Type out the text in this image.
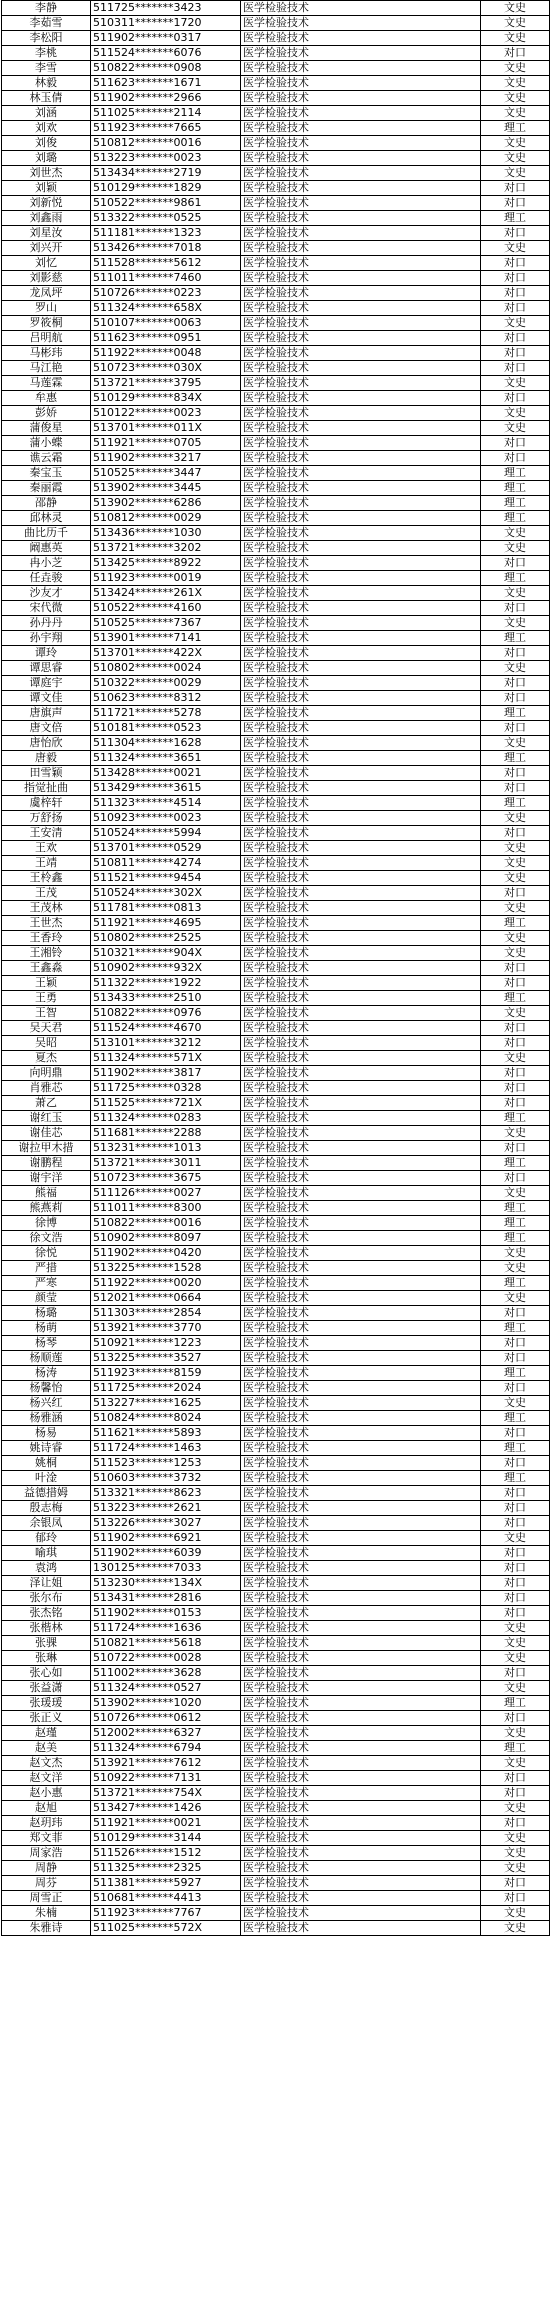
李静	511725*******3423	医学检验技术	文史
李茹雪	510311*******1720	医学检验技术	文史
李松阳	511902*******0317	医学检验技术	文史
李桃	511524*******6076	医学检验技术	对口
李雪	510822*******0908	医学检验技术	文史
林毅	511623*******1671	医学检验技术	文史
林玉倩	511902*******2966	医学检验技术	文史
刘涵	511025*******2114	医学检验技术	文史
刘欢	511923*******7665	医学检验技术	理工
刘俊	510812*******0016	医学检验技术	文史
刘璐	513223*******0023	医学检验技术	文史
刘世杰	513434*******2719	医学检验技术	文史
刘颖	510129*******1829	医学检验技术	对口
刘新悦	510522*******9861	医学检验技术	对口
刘鑫雨	513322*******0525	医学检验技术	理工
刘星汝	511181*******1323	医学检验技术	对口
刘兴开	513426*******7018	医学检验技术	文史
刘忆	511528*******5612	医学检验技术	对口
刘影慈	511011*******7460	医学检验技术	对口
龙凤坪	510726*******0223	医学检验技术	对口
罗山	511324*******658X	医学检验技术	对口
罗筱桐	510107*******0063	医学检验技术	文史
吕明航	511623*******0951	医学检验技术	对口
马彬玮	511922*******0048	医学检验技术	对口
马江艳	510723*******030X	医学检验技术	对口
马莲霖	513721*******3795	医学检验技术	文史
牟惠	510129*******834X	医学检验技术	对口
彭娇	510122*******0023	医学检验技术	文史
蒲俊星	513701*******011X	医学检验技术	文史
蒲小蝶	511921*******0705	医学检验技术	对口
谯云霜	511902*******3217	医学检验技术	对口
秦宝玉	510525*******3447	医学检验技术	理工
秦丽霞	513902*******3445	医学检验技术	理工
邵静	513902*******6286	医学检验技术	理工
邱林灵	510812*******0029	医学检验技术	理工
曲比历千	513436*******1030	医学检验技术	文史
阚惠英	513721*******3202	医学检验技术	文史
冉小芝	513425*******8922	医学检验技术	对口
任垚骏	511923*******0019	医学检验技术	理工
沙友才	513424*******261X	医学检验技术	文史
宋代微	510522*******4160	医学检验技术	对口
孙丹丹	510525*******7367	医学检验技术	文史
孙宇翔	513901*******7141	医学检验技术	理工
谭玲	513701*******422X	医学检验技术	对口
谭思睿	510802*******0024	医学检验技术	文史
谭庭宇	510322*******0029	医学检验技术	对口
谭文佳	510623*******8312	医学检验技术	对口
唐旗声	511721*******5278	医学检验技术	理工
唐文倍	510181*******0523	医学检验技术	对口
唐怡欣	511304*******1628	医学检验技术	文史
唐毅	511324*******3651	医学检验技术	理工
田雪颖	513428*******0021	医学检验技术	对口
指觉扯曲	513429*******3615	医学检验技术	对口
虞梓轩	511323*******4514	医学检验技术	理工
万舒扬	510923*******0023	医学检验技术	文史
王安清	510524*******5994	医学检验技术	对口
王欢	513701*******0529	医学检验技术	文史
王靖	510811*******4274	医学检验技术	文史
王柃鑫	511521*******9454	医学检验技术	文史
王茂	510524*******302X	医学检验技术	对口
王茂林	511781*******0813	医学检验技术	文史
王世杰	511921*******4695	医学检验技术	理工
王香玲	510802*******2525	医学检验技术	文史
王湘铃	510321*******904X	医学检验技术	文史
王鑫淼	510902*******932X	医学检验技术	对口
王颖	511322*******1922	医学检验技术	对口
王勇	513433*******2510	医学检验技术	理工
王智	510822*******0976	医学检验技术	文史
吴天君	511524*******4670	医学检验技术	对口
吴昭	513101*******3212	医学检验技术	对口
夏杰	511324*******571X	医学检验技术	文史
向明鼎	511902*******3817	医学检验技术	对口
肖雅芯	511725*******0328	医学检验技术	对口
萧乙	511525*******721X	医学检验技术	对口
谢红玉	511324*******0283	医学检验技术	理工
谢佳芯	511681*******2288	医学检验技术	文史
谢拉甲木措	513231*******1013	医学检验技术	对口
谢鹏程	513721*******3011	医学检验技术	理工
谢宇洋	510723*******3675	医学检验技术	对口
熊福	511126*******0027	医学检验技术	文史
熊燕莉	511011*******8300	医学检验技术	理工
徐博	510822*******0016	医学检验技术	理工
徐文浩	510902*******8097	医学检验技术	理工
徐悦	511902*******0420	医学检验技术	文史
严措	513225*******1528	医学检验技术	文史
严寒	511922*******0020	医学检验技术	理工
颜莹	512021*******0664	医学检验技术	文史
杨璐	511303*******2854	医学检验技术	对口
杨萌	513921*******3770	医学检验技术	理工
杨琴	510921*******1223	医学检验技术	对口
杨顺莲	513225*******3527	医学检验技术	对口
杨涛	511923*******8159	医学检验技术	理工
杨馨怡	511725*******2024	医学检验技术	对口
杨兴红	513227*******1625	医学检验技术	文史
杨雅涵	510824*******8024	医学检验技术	理工
杨易	511621*******5893	医学检验技术	对口
姚诗睿	511724*******1463	医学检验技术	理工
姚桐	511523*******1253	医学检验技术	对口
叶淦	510603*******3732	医学检验技术	理工
益德措姆	513321*******8623	医学检验技术	对口
殷志梅	513223*******2621	医学检验技术	对口
余银凤	513226*******3027	医学检验技术	对口
郁玲	511902*******6921	医学检验技术	文史
喻琪	511902*******6039	医学检验技术	对口
袁鸿	130125*******7033	医学检验技术	对口
泽让姐	513230*******134X	医学检验技术	对口
张尔布	513431*******2816	医学检验技术	对口
张杰铭	511902*******0153	医学检验技术	对口
张楷林	511724*******1636	医学检验技术	文史
张骒	510821*******5618	医学检验技术	文史
张琳	510722*******0028	医学检验技术	文史
张心如	511002*******3628	医学检验技术	对口
张益潇	511324*******0527	医学检验技术	文史
张瑗瑗	513902*******1020	医学检验技术	理工
张正义	510726*******0612	医学检验技术	对口
赵瑾	512002*******6327	医学检验技术	文史
赵美	511324*******6794	医学检验技术	理工
赵文杰	513921*******7612	医学检验技术	文史
赵文洋	510922*******7131	医学检验技术	对口
赵小惠	513721*******754X	医学检验技术	对口
赵旭	513427*******1426	医学检验技术	文史
赵玥玮	511921*******0021	医学检验技术	对口
郑文菲	510129*******3144	医学检验技术	文史
周家浩	511526*******1512	医学检验技术	文史
周静	511325*******2325	医学检验技术	文史
周芬	511381*******5927	医学检验技术	对口
周雪正	510681*******4413	医学检验技术	对口
朱楠	511923*******7767	医学检验技术	文史
朱雅诗	511025*******572X	医学检验技术	文史
